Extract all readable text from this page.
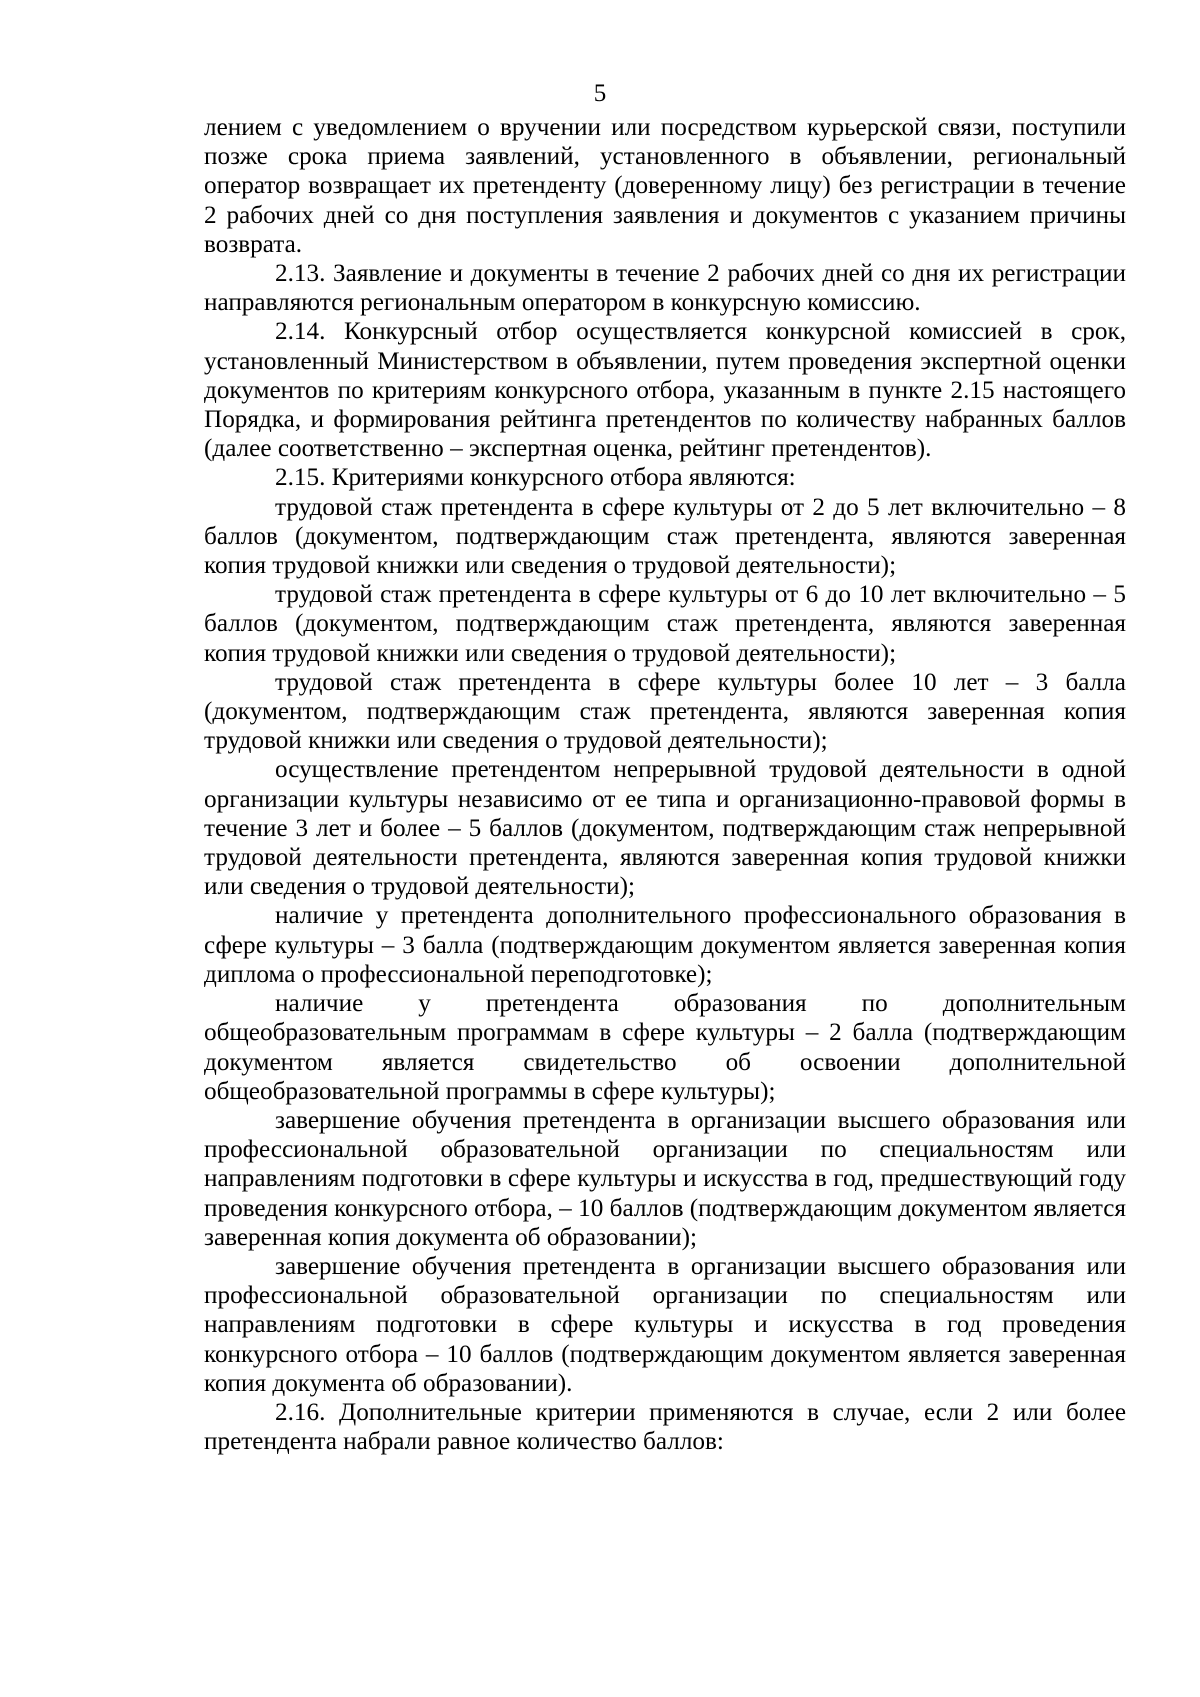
5

лением с уведомлением о вручении или посредством курьерской связи, поступили позже срока приема заявлений, установленного в объявлении, региональный оператор возвращает их претенденту (доверенному лицу) без регистрации в течение 2 рабочих дней со дня поступления заявления и документов с указанием причины возврата.

2.13. Заявление и документы в течение 2 рабочих дней со дня их регистрации направляются региональным оператором в конкурсную комиссию.

2.14. Конкурсный отбор осуществляется конкурсной комиссией в срок, установленный Министерством в объявлении, путем проведения экспертной оценки документов по критериям конкурсного отбора, указанным в пункте 2.15 настоящего Порядка, и формирования рейтинга претендентов по количеству набранных баллов (далее соответственно – экспертная оценка, рейтинг претендентов).

2.15. Критериями конкурсного отбора являются:

трудовой стаж претендента в сфере культуры от 2 до 5 лет включительно – 8 баллов (документом, подтверждающим стаж претендента, являются заверенная копия трудовой книжки или сведения о трудовой деятельности);

трудовой стаж претендента в сфере культуры от 6 до 10 лет включительно – 5 баллов (документом, подтверждающим стаж претендента, являются заверенная копия трудовой книжки или сведения о трудовой деятельности);

трудовой стаж претендента в сфере культуры более 10 лет – 3 балла (документом, подтверждающим стаж претендента, являются заверенная копия трудовой книжки или сведения о трудовой деятельности);

осуществление претендентом непрерывной трудовой деятельности в одной организации культуры независимо от ее типа и организационно-правовой формы в течение 3 лет и более – 5 баллов (документом, подтверждающим стаж непрерывной трудовой деятельности претендента, являются заверенная копия трудовой книжки или сведения о трудовой деятельности);

наличие у претендента дополнительного профессионального образования в сфере культуры – 3 балла (подтверждающим документом является заверенная копия диплома о профессиональной переподготовке);

наличие у претендента образования по дополнительным общеобразовательным программам в сфере культуры – 2 балла (подтверждающим документом является свидетельство об освоении дополнительной общеобразовательной программы в сфере культуры);

завершение обучения претендента в организации высшего образования или профессиональной образовательной организации по специальностям или направлениям подготовки в сфере культуры и искусства в год, предшествующий году проведения конкурсного отбора, – 10 баллов (подтверждающим документом является заверенная копия документа об образовании);

завершение обучения претендента в организации высшего образования или профессиональной образовательной организации по специальностям или направлениям подготовки в сфере культуры и искусства в год проведения конкурсного отбора – 10 баллов (подтверждающим документом является заверенная копия документа об образовании).

2.16. Дополнительные критерии применяются в случае, если 2 или более претендента набрали равное количество баллов:
